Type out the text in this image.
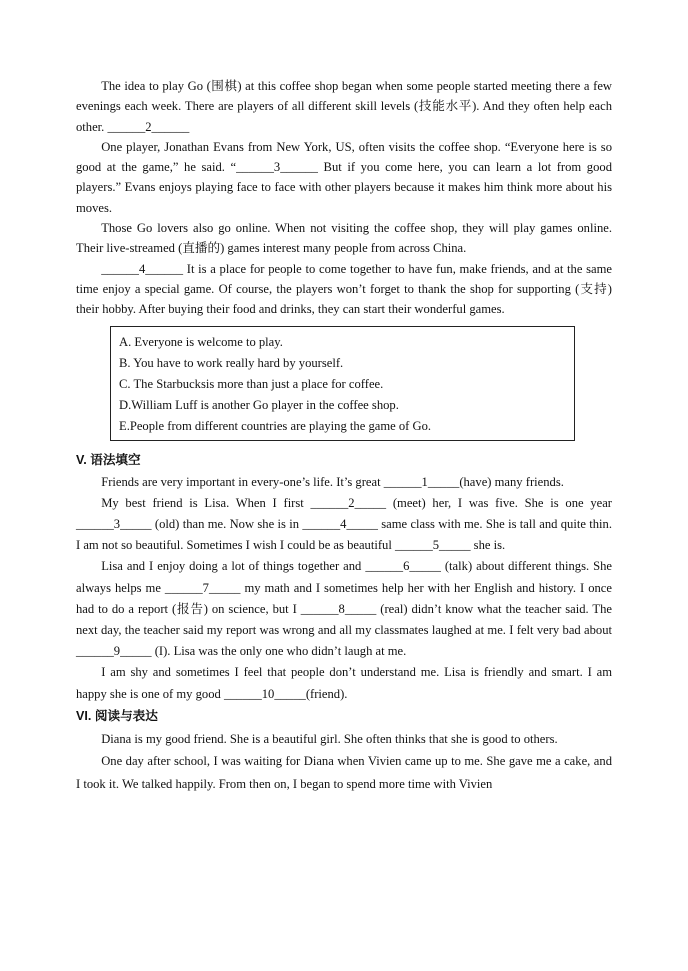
The idea to play Go (围棋) at this coffee shop began when some people started meeting there a few evenings each week. There are players of all different skill levels (技能水平). And they often help each other. ______2______

One player, Jonathan Evans from New York, US, often visits the coffee shop. “Everyone here is so good at the game,” he said. “______3______ But if you come here, you can learn a lot from good players.” Evans enjoys playing face to face with other players because it makes him think more about his moves.

Those Go lovers also go online. When not visiting the coffee shop, they will play games online. Their live-streamed (直播的) games interest many people from across China.

______4______ It is a place for people to come together to have fun, make friends, and at the same time enjoy a special game. Of course, the players won’t forget to thank the shop for supporting (支持) their hobby. After buying their food and drinks, they can start their wonderful games.

A. Everyone is welcome to play.
B. You have to work really hard by yourself.
C. The Starbucksis more than just a place for coffee.
D.William Luff is another Go player in the coffee shop.
E.People from different countries are playing the game of Go.
V. 语法填空

Friends are very important in every-one’s life. It’s great ______1_____(have) many friends.

My best friend is Lisa. When I first ______2_____ (meet) her, I was five. She is one year ______3_____ (old) than me. Now she is in ______4_____ same class with me. She is tall and quite thin. I am not so beautiful. Sometimes I wish I could be as beautiful ______5_____ she is.

Lisa and I enjoy doing a lot of things together and ______6_____ (talk) about different things. She always helps me ______7_____ my math and I sometimes help her with her English and history. I once had to do a report (报告) on science, but I ______8_____ (real) didn’t know what the teacher said. The next day, the teacher said my report was wrong and all my classmates laughed at me. I felt very bad about ______9_____ (I). Lisa was the only one who didn’t laugh at me.

I am shy and sometimes I feel that people don’t understand me. Lisa is friendly and smart. I am happy she is one of my good ______10_____(friend).

VI. 阅读与表达

Diana is my good friend. She is a beautiful girl. She often thinks that she is good to others.

One day after school, I was waiting for Diana when Vivien came up to me. She gave me a cake, and I took it. We talked happily. From then on, I began to spend more time with Vivien
